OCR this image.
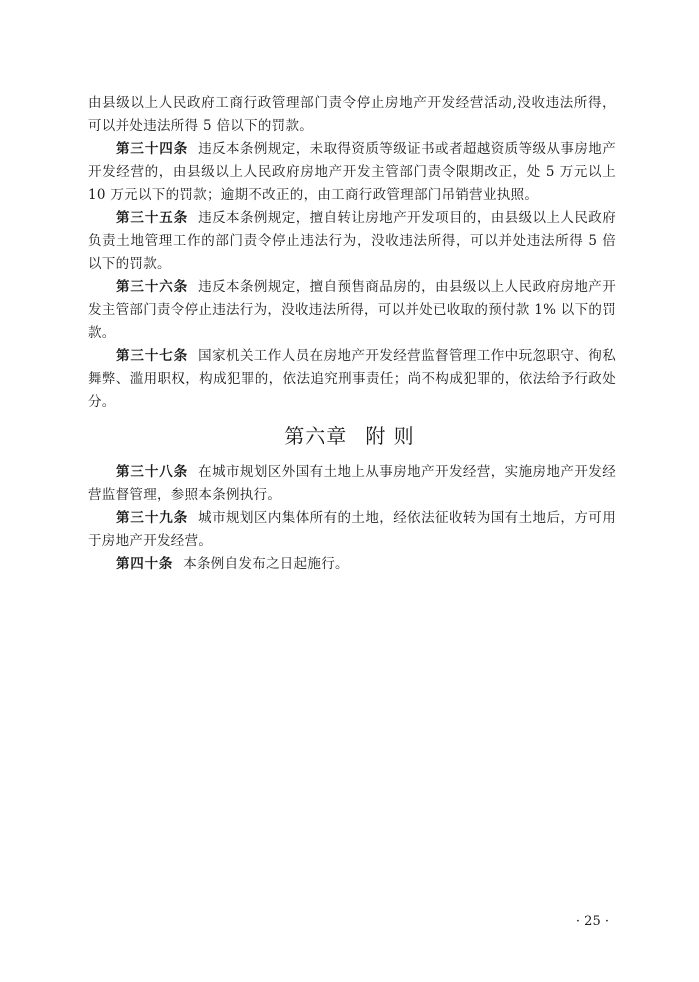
由县级以上人民政府工商行政管理部门责令停止房地产开发经营活动,没收违法所得，可以并处违法所得 5 倍以下的罚款。

第三十四条 违反本条例规定，未取得资质等级证书或者超越资质等级从事房地产开发经营的，由县级以上人民政府房地产开发主管部门责令限期改正，处 5 万元以上 10 万元以下的罚款；逾期不改正的，由工商行政管理部门吊销营业执照。

第三十五条 违反本条例规定，擅自转让房地产开发项目的，由县级以上人民政府负责土地管理工作的部门责令停止违法行为，没收违法所得，可以并处违法所得 5 倍以下的罚款。

第三十六条 违反本条例规定，擅自预售商品房的，由县级以上人民政府房地产开发主管部门责令停止违法行为，没收违法所得，可以并处已收取的预付款 1% 以下的罚款。

第三十七条 国家机关工作人员在房地产开发经营监督管理工作中玩忽职守、徇私舞弊、滥用职权，构成犯罪的，依法追究刑事责任；尚不构成犯罪的，依法给予行政处分。

第六章 附 则

第三十八条 在城市规划区外国有土地上从事房地产开发经营，实施房地产开发经营监督管理，参照本条例执行。

第三十九条 城市规划区内集体所有的土地，经依法征收转为国有土地后，方可用于房地产开发经营。

第四十条 本条例自发布之日起施行。

· 25 ·
